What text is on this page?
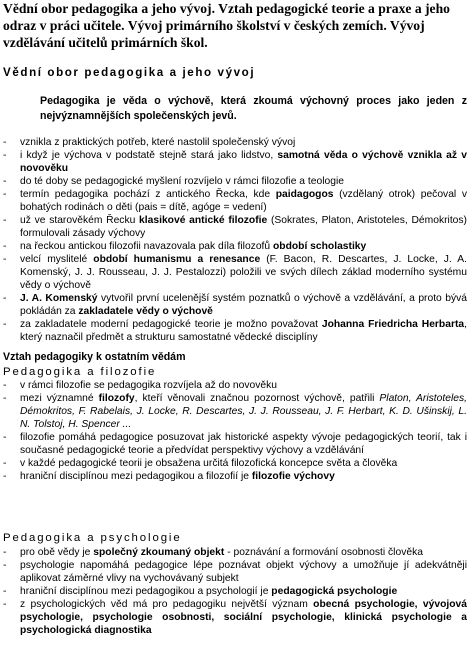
Vědní obor pedagogika a jeho vývoj. Vztah pedagogické teorie a praxe a jeho odraz v práci učitele. Vývoj primárního školství v českých zemích. Vývoj vzdělávání učitelů primárních škol.
Vědní obor pedagogika a jeho vývoj
Pedagogika je věda o výchově, která zkoumá výchovný proces jako jeden z nejvýznamnějších společenských jevů.
- vznikla z praktických potřeb, které nastolil společenský vývoj
- i když je výchova v podstatě stejně stará jako lidstvo, samotná věda o výchově vznikla až v novověku
- do té doby se pedagogické myšlení rozvíjelo v rámci filozofie a teologie
- termín pedagogika pochází z antického Řecka, kde paidagogos (vzdělaný otrok) pečoval v bohatých rodinách o děti (pais = dítě, agóge = vedení)
- už ve starověkém Řecku klasikové antické filozofie (Sokrates, Platon, Aristoteles, Démokritos) formulovali zásady výchovy
- na řeckou antickou filozofii navazovala pak díla filozofů období scholastiky
- velcí myslitelé období humanismu a renesance (F. Bacon, R. Descartes, J. Locke, J. A. Komenský, J. J. Rousseau, J. J. Pestalozzi) položili ve svých dílech základ moderního systému vědy o výchově
- J. A. Komenský vytvořil první ucelenější systém poznatků o výchově a vzdělávání, a proto bývá pokládán za zakladatele vědy o výchově
- za zakladatele moderní pedagogické teorie je možno považovat Johanna Friedricha Herbarta, který naznačil předmět a strukturu samostatné vědecké disciplíny
Vztah pedagogiky k ostatním vědám
Pedagogika a filozofie
- v rámci filozofie se pedagogika rozvíjela až do novověku
- mezi významné filozofy, kteří věnovali značnou pozornost výchově, patřili Platon, Aristoteles, Démokritos, F. Rabelais, J. Locke, R. Descartes, J. J. Rousseau, J. F. Herbart, K. D. Ušinskij, L. N. Tolstoj, H. Spencer ...
- filozofie pomáhá pedagogice posuzovat jak historické aspekty vývoje pedagogických teorií, tak i současné pedagogické teorie a předvídat perspektivy výchovy a vzdělávání
- v každé pedagogické teorii je obsažena určitá filozofická koncepce světa a člověka
- hraniční disciplínou mezi pedagogikou a filozofií je filozofie výchovy
Pedagogika a psychologie
- pro obě vědy je společný zkoumaný objekt - poznávání a formování osobnosti člověka
- psychologie napomáhá pedagogice lépe poznávat objekt výchovy a umožňuje jí adekvátněji aplikovat záměrné vlivy na vychovávaný subjekt
- hraniční disciplínou mezi pedagogikou a psychologií je pedagogická psychologie
- z psychologických věd má pro pedagogiku největší význam obecná psychologie, vývojová psychologie, psychologie osobnosti, sociální psychologie, klinická psychologie a psychologická diagnostika
